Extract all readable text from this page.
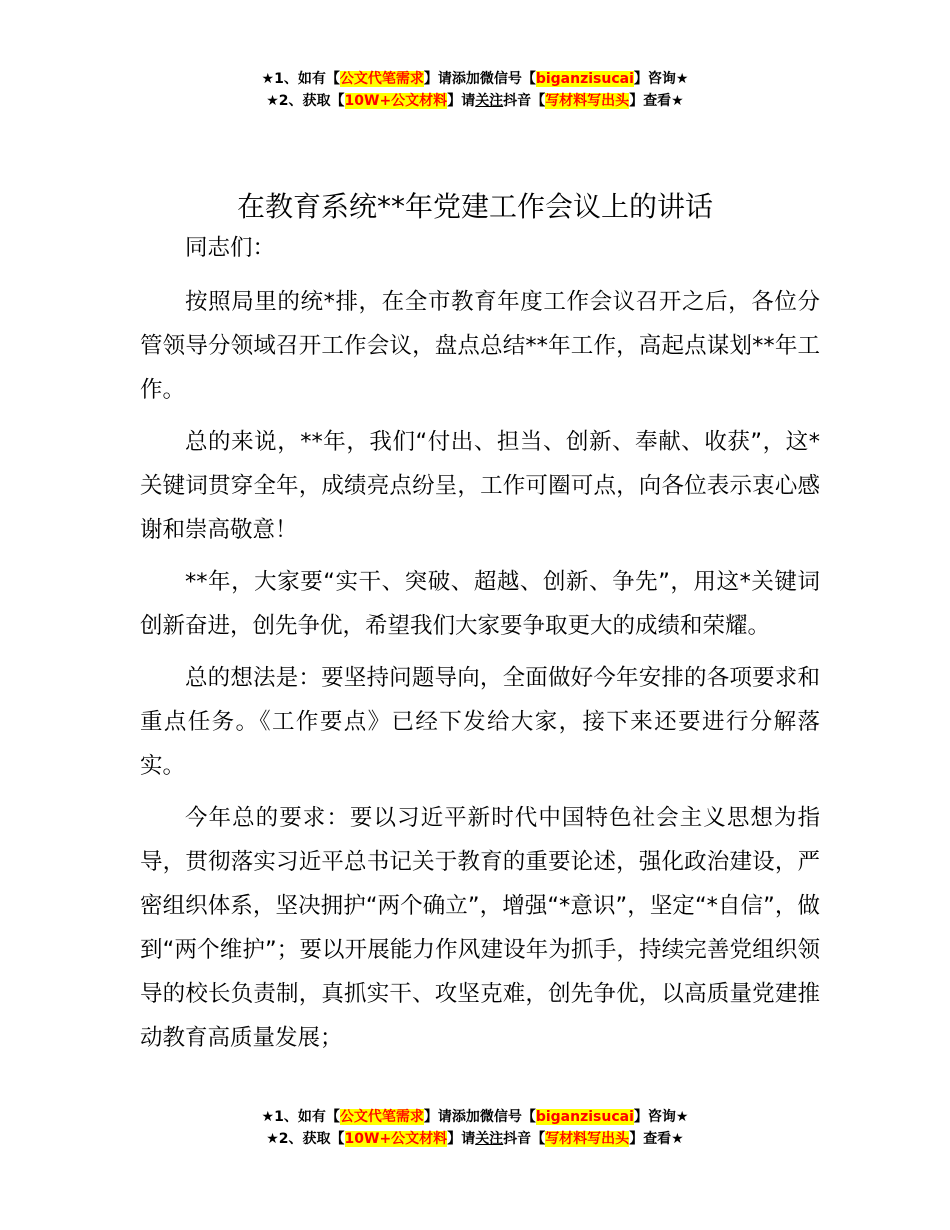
★1、如有【公文代笔需求】请添加微信号【biganzisucai】咨询★
★2、获取【10W+公文材料】请关注抖音【写材料写出头】查看★
在教育系统**年党建工作会议上的讲话

同志们：

按照局里的统*排，在全市教育年度工作会议召开之后，各位分管领导分领域召开工作会议，盘点总结**年工作，高起点谋划**年工作。

总的来说，**年，我们“付出、担当、创新、奉献、收获”，这*关键词贯穿全年，成绩亮点纷呈，工作可圈可点，向各位表示衷心感谢和崇高敬意！

**年，大家要“实干、突破、超越、创新、争先”，用这*关键词创新奋进，创先争优，希望我们大家要争取更大的成绩和荣耀。

总的想法是：要坚持问题导向，全面做好今年安排的各项要求和重点任务。《工作要点》已经下发给大家，接下来还要进行分解落实。

今年总的要求：要以习近平新时代中国特色社会主义思想为指导，贯彻落实习近平总书记关于教育的重要论述，强化政治建设，严密组织体系，坚决拥护“两个确立”，增强“*意识”，坚定“*自信”，做到“两个维护”；要以开展能力作风建设年为抓手，持续完善党组织领导的校长负责制，真抓实干、攻坚克难，创先争优，以高质量党建推动教育高质量发展；

★1、如有【公文代笔需求】请添加微信号【biganzisucai】咨询★
★2、获取【10W+公文材料】请关注抖音【写材料写出头】查看★
